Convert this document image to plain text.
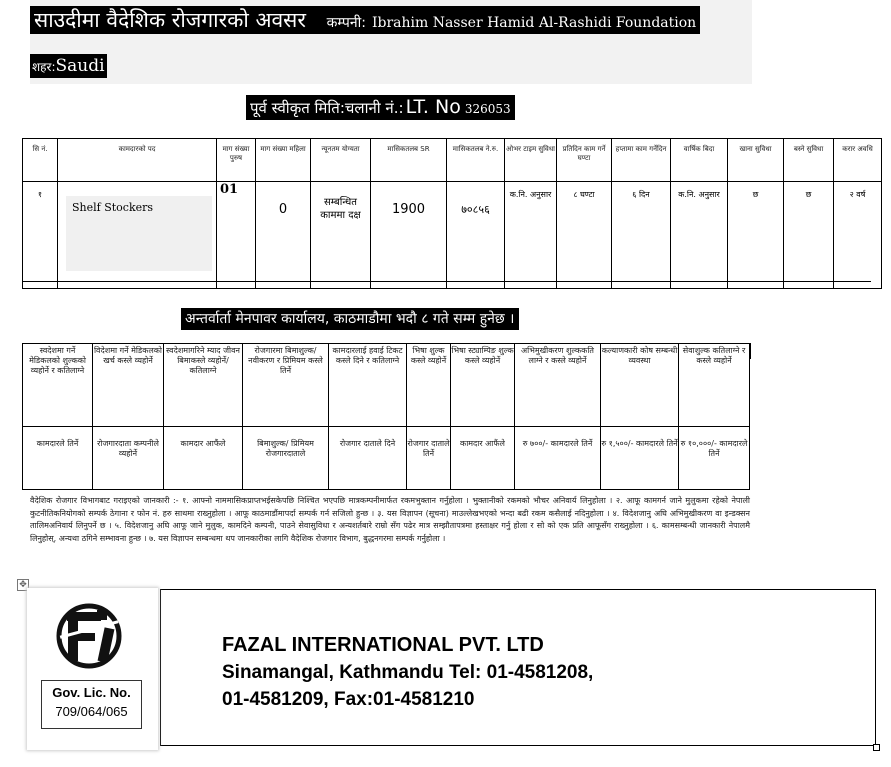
साउदीमा वैदेशिक रोजगारको अवसर कम्पनी: Ibrahim Nasser Hamid Al-Rashidi Foundation
शहर:Saudi
पूर्व स्वीकृत मिति:चलानी नं.: LT. No 326053
सि नं.	कामदारको पद	माग संख्या पुरुष	माग संख्या महिला	न्यूनतम योग्यता	मासिकतलब SR	मासिकतलब ने.रु.	ओभर टाइम सुविधा	प्रतिदिन काम गर्ने घण्टा	हप्तामा काम गर्नेदिन	वार्षिक बिदा	खाना सुविधा	बस्ने सुविधा	करार अवधि

१	Shelf Stockers	01	0	सम्बन्धित काममा दक्ष	1900	७०८५६	क.नि. अनुसार	८ घण्टा	६ दिन	क.नि. अनुसार	छ	छ	२ वर्ष
अन्तर्वार्ता मेनपावर कार्यालय, काठमाडौमा भदौ ८ गते सम्म हुनेछ ।
स्वदेशमा गर्ने मेडिकलको शुल्कको व्यहोर्ने र कतिलाग्ने	विदेशमा गर्ने मेडिकलको खर्च कस्ले व्यहोर्ने	स्वदेशमागरिने म्याद जीवन बिमाकस्ले व्यहोर्ने/ कतिलाग्ने	रोजगारमा बिमाशुल्क/नवीकरण र प्रिमियम कस्ले तिर्ने	कामदारलाई हवाई टिकट कस्ले दिने र कतिलाग्ने	भिषा शुल्क कस्ले व्यहोर्ने	भिषा स्ट्याम्पिङ शुल्क कस्ले व्यहोर्ने	अभिमुखीकरण शुल्ककति लाग्ने र कस्ले व्यहोर्ने	कल्याणकारी कोष सम्बन्धी व्यवस्था	सेवाशुल्क कतिलाग्ने र कस्ले व्यहोर्ने

कामदारले तिर्ने	रोजगारदाता कम्पनीले व्यहोर्ने	कामदार आफैंले	बिमाशुल्क/ प्रिमियम रोजगारदाताले	रोजगार दाताले दिने	रोजगार दाताले तिर्ने	कामदार आफैंले	रु ७००/- कामदारले तिर्ने	रु १,५००/- कामदारले तिर्ने	रु १०,०००/- कामदारले तिर्ने
वैदेशिक रोजगार विभागबाट गराइएको जानकारी :- १. आफ्नो नाममासिकप्राप्तभईसकेपछि निश्चित भएपछि मात्रकम्पनीमार्फत रकमभुक्तान गर्नुहोला । भुक्तानीको रकमको भौचर अनिवार्य लिनुहोला । २. आफू कामगर्न जाने मुलुकमा रहेको नेपाली कुटनीतिकनियोगको सम्पर्क ठेगाना र फोन नं. हरु साथमा राख्नुहोला । आफू काठमाडौंमापर्दा सम्पर्क गर्न सजिलो हुन्छ । ३. यस विज्ञापन (सूचना) माउल्लेखभएको भन्दा बढी रकम कसैलाई नदिनुहोला । ४. विदेशजानु अघि अभिमुखीकरण वा इन्डक्सन तालिमअनिवार्य लिनुपर्ने छ । ५. विदेशजानु अघि आफू जाने मुलुक, कामदिने कम्पनी, पाउने सेवासुविधा र अन्यशर्तबारे राम्रो सँग पढेर मात्र सम्झौतापत्रमा हस्ताक्षर गर्नु होला र सो को एक प्रति आफूसँग राख्नुहोला । ६. कामसम्बन्धी जानकारी नेपालमै लिनुहोस्, अन्यथा ठगिने सम्भावना हुन्छ । ७. यस विज्ञापन सम्बन्धमा थप जानकारीका लागि वैदेशिक रोजगार विभाग, बुद्धनगरमा सम्पर्क गर्नुहोला ।
✥
Gov. Lic. No.
709/064/065
FAZAL INTERNATIONAL PVT. LTD
Sinamangal, Kathmandu Tel: 01-4581208,
01-4581209, Fax:01-4581210
